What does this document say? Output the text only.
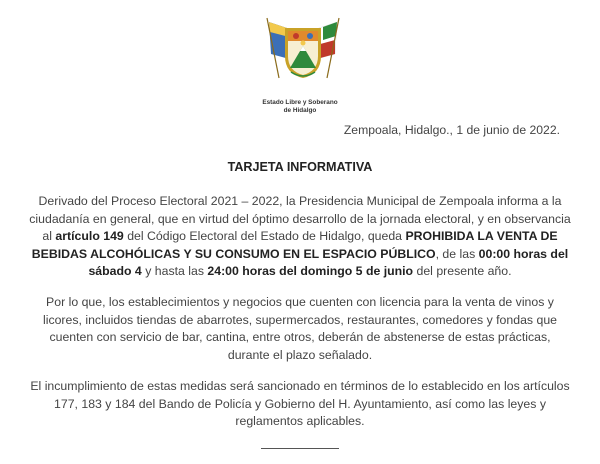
Estado Libre y Soberano
de Hidalgo
Zempoala, Hidalgo., 1 de junio de 2022.
TARJETA INFORMATIVA
Derivado del Proceso Electoral 2021 – 2022, la Presidencia Municipal de Zempoala informa a la ciudadanía en general, que en virtud del óptimo desarrollo de la jornada electoral, y en observancia al artículo 149 del Código Electoral del Estado de Hidalgo, queda PROHIBIDA LA VENTA DE BEBIDAS ALCOHÓLICAS Y SU CONSUMO EN EL ESPACIO PÚBLICO, de las 00:00 horas del sábado 4 y hasta las 24:00 horas del domingo 5 de junio del presente año.
Por lo que, los establecimientos y negocios que cuenten con licencia para la venta de vinos y licores, incluidos tiendas de abarrotes, supermercados, restaurantes, comedores y fondas que cuenten con servicio de bar, cantina, entre otros, deberán de abstenerse de estas prácticas, durante el plazo señalado.
El incumplimiento de estas medidas será sancionado en términos de lo establecido en los artículos 177, 183 y 184 del Bando de Policía y Gobierno del H. Ayuntamiento, así como las leyes y reglamentos aplicables.
